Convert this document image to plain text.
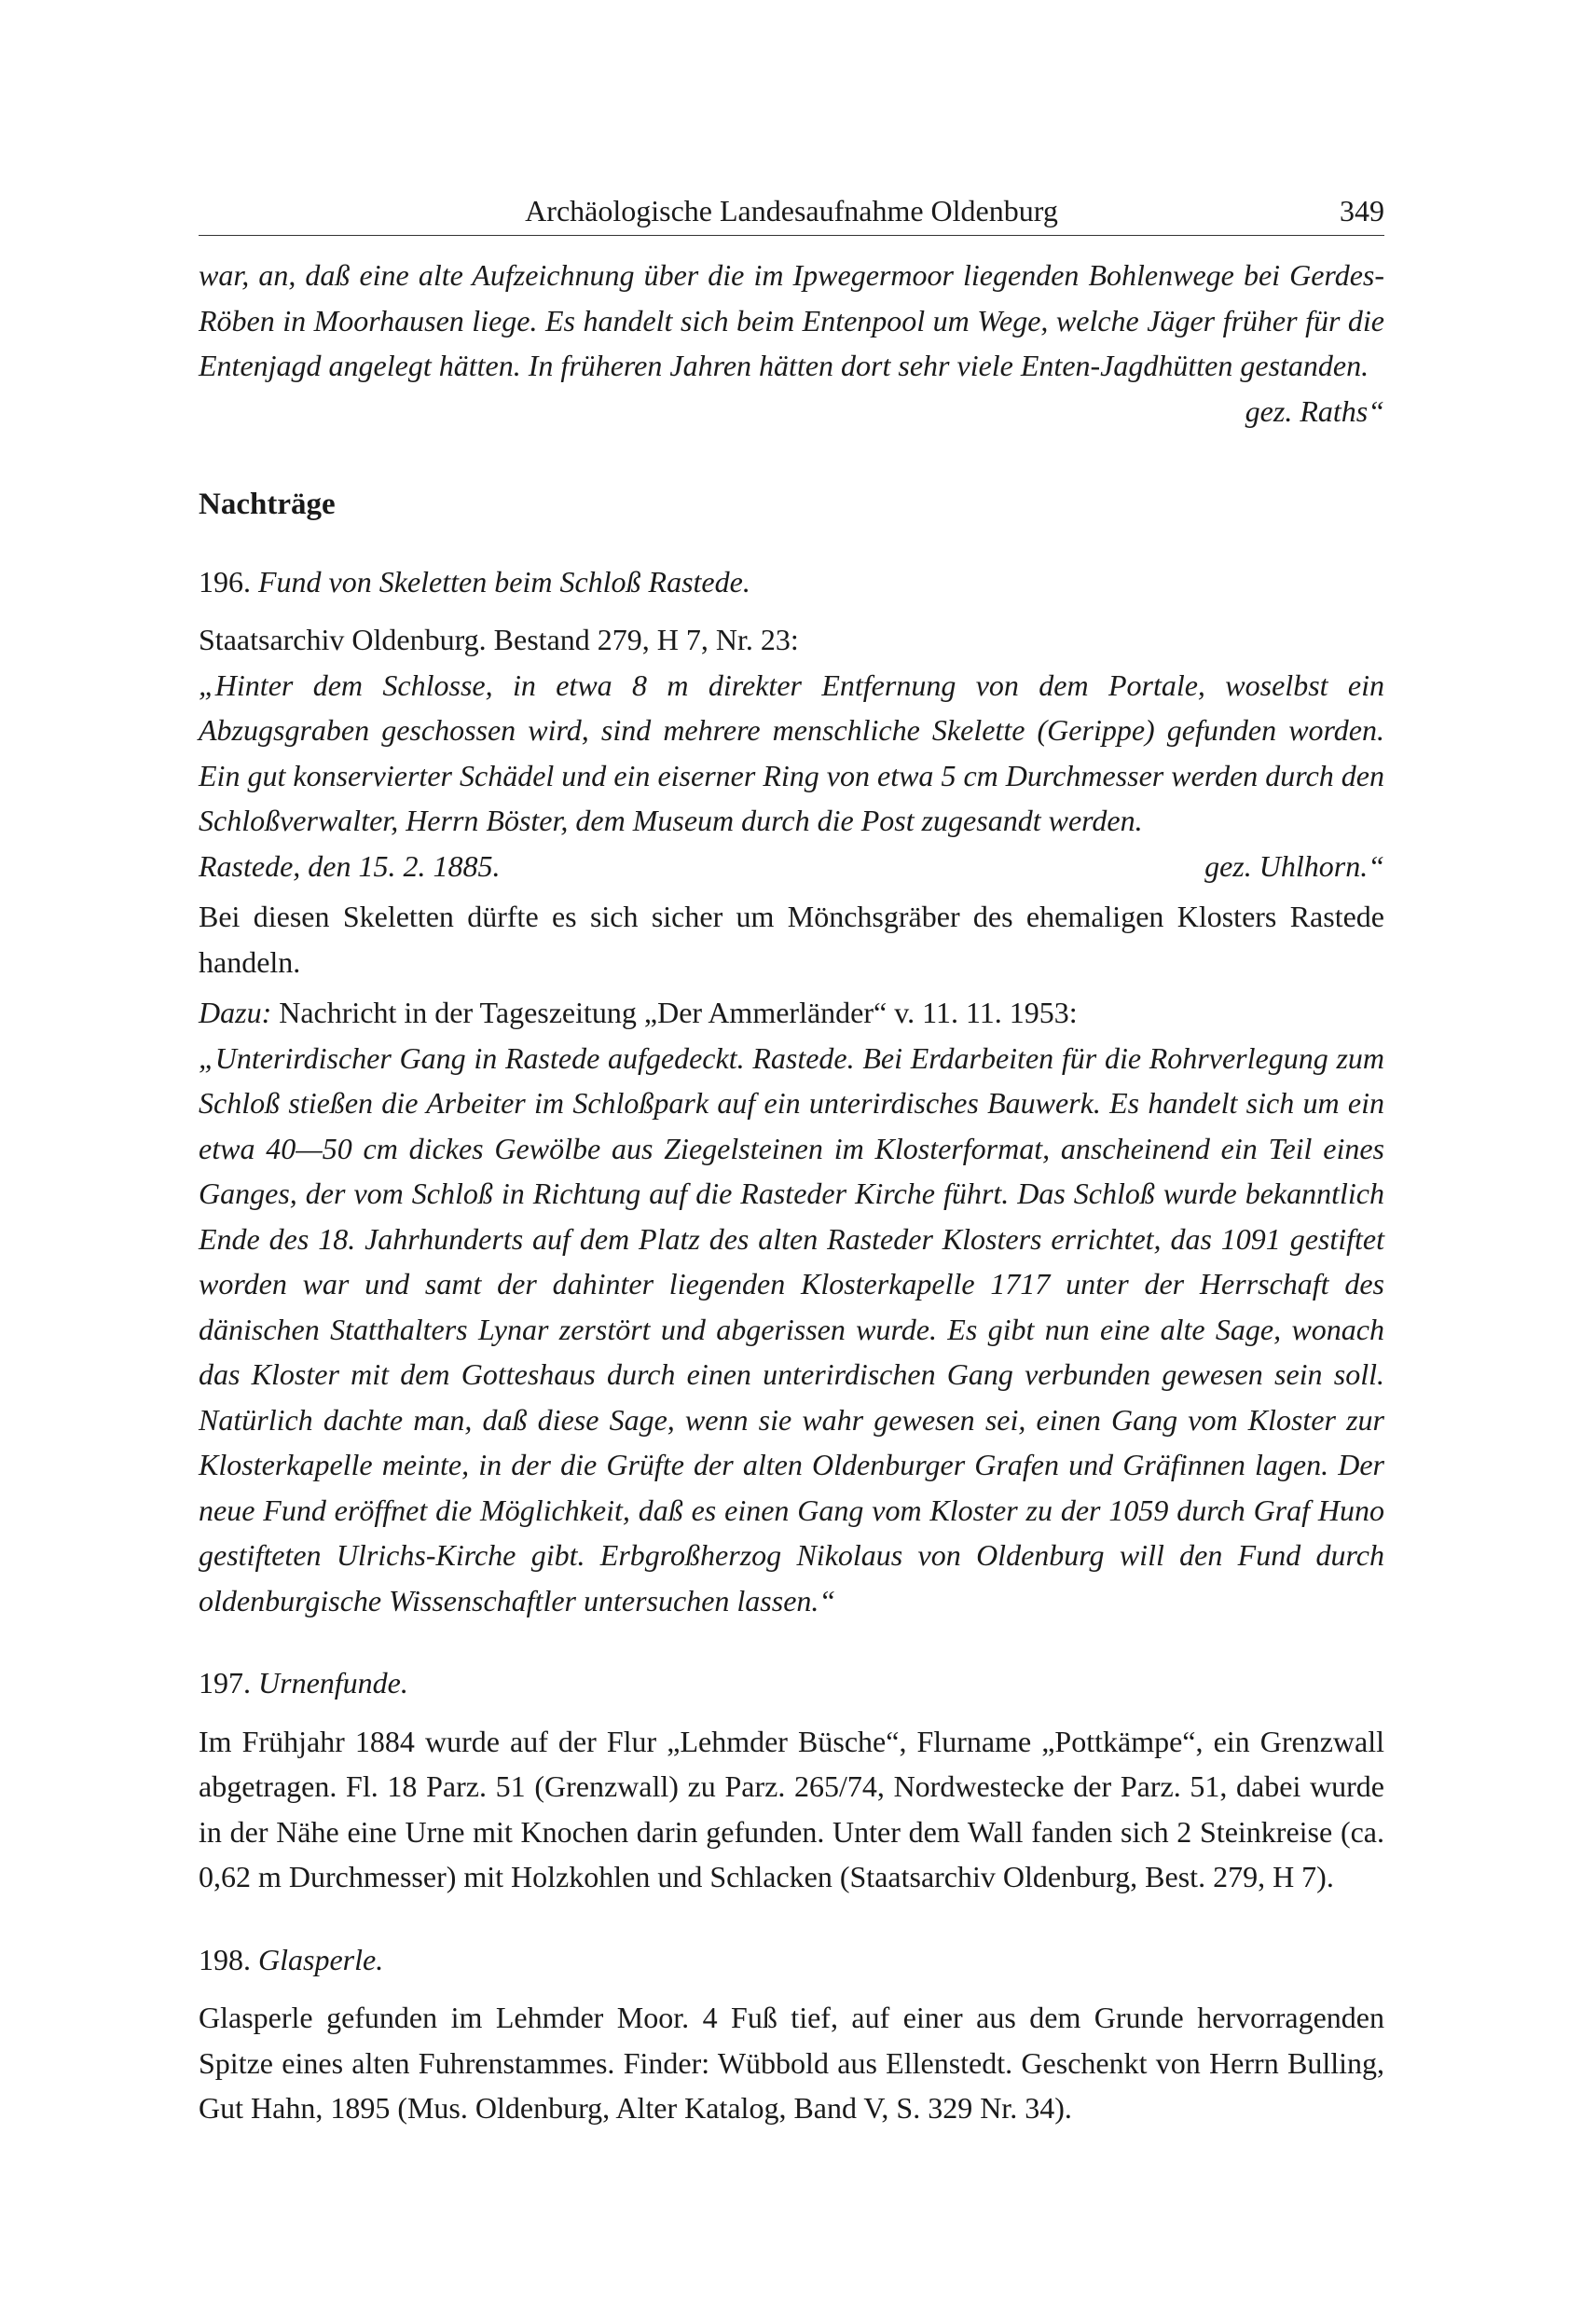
Archäologische Landesaufnahme Oldenburg	349

war, an, daß eine alte Aufzeichnung über die im Ipwegermoor liegenden Bohlenwege bei Gerdes-Röben in Moorhausen liege. Es handelt sich beim Entenpool um Wege, welche Jäger früher für die Entenjagd angelegt hätten. In früheren Jahren hätten dort sehr viele Enten-Jagdhütten gestanden.

gez. Raths“
Nachträge

196. Fund von Skeletten beim Schloß Rastede.

Staatsarchiv Oldenburg. Bestand 279, H 7, Nr. 23:

„Hinter dem Schlosse, in etwa 8 m direkter Entfernung von dem Portale, woselbst ein Abzugsgraben geschossen wird, sind mehrere menschliche Skelette (Gerippe) gefunden worden. Ein gut konservierter Schädel und ein eiserner Ring von etwa 5 cm Durchmesser werden durch den Schloßverwalter, Herrn Böster, dem Museum durch die Post zugesandt werden.

Rastede, den 15. 2. 1885.	gez. Uhlhorn.“

Bei diesen Skeletten dürfte es sich sicher um Mönchsgräber des ehemaligen Klosters Rastede handeln.

Dazu: Nachricht in der Tageszeitung „Der Ammerländer“ v. 11. 11. 1953:

„Unterirdischer Gang in Rastede aufgedeckt. Rastede. Bei Erdarbeiten für die Rohrverlegung zum Schloß stießen die Arbeiter im Schloßpark auf ein unterirdisches Bauwerk. Es handelt sich um ein etwa 40—50 cm dickes Gewölbe aus Ziegelsteinen im Klosterformat, anscheinend ein Teil eines Ganges, der vom Schloß in Richtung auf die Rasteder Kirche führt. Das Schloß wurde bekanntlich Ende des 18. Jahrhunderts auf dem Platz des alten Rasteder Klosters errichtet, das 1091 gestiftet worden war und samt der dahinter liegenden Klosterkapelle 1717 unter der Herrschaft des dänischen Statthalters Lynar zerstört und abgerissen wurde. Es gibt nun eine alte Sage, wonach das Kloster mit dem Gotteshaus durch einen unterirdischen Gang verbunden gewesen sein soll. Natürlich dachte man, daß diese Sage, wenn sie wahr gewesen sei, einen Gang vom Kloster zur Klosterkapelle meinte, in der die Grüfte der alten Oldenburger Grafen und Gräfinnen lagen. Der neue Fund eröffnet die Möglichkeit, daß es einen Gang vom Kloster zu der 1059 durch Graf Huno gestifteten Ulrichs-Kirche gibt. Erbgroßherzog Nikolaus von Oldenburg will den Fund durch oldenburgische Wissenschaftler untersuchen lassen.“

197. Urnenfunde.

Im Frühjahr 1884 wurde auf der Flur „Lehmder Büsche“, Flurname „Pottkämpe“, ein Grenzwall abgetragen. Fl. 18 Parz. 51 (Grenzwall) zu Parz. 265/74, Nordwestecke der Parz. 51, dabei wurde in der Nähe eine Urne mit Knochen darin gefunden. Unter dem Wall fanden sich 2 Steinkreise (ca. 0,62 m Durchmesser) mit Holzkohlen und Schlacken (Staatsarchiv Oldenburg, Best. 279, H 7).

198. Glasperle.

Glasperle gefunden im Lehmder Moor. 4 Fuß tief, auf einer aus dem Grunde hervorragenden Spitze eines alten Fuhrenstammes. Finder: Wübbold aus Ellenstedt. Geschenkt von Herrn Bulling, Gut Hahn, 1895 (Mus. Oldenburg, Alter Katalog, Band V, S. 329 Nr. 34).
